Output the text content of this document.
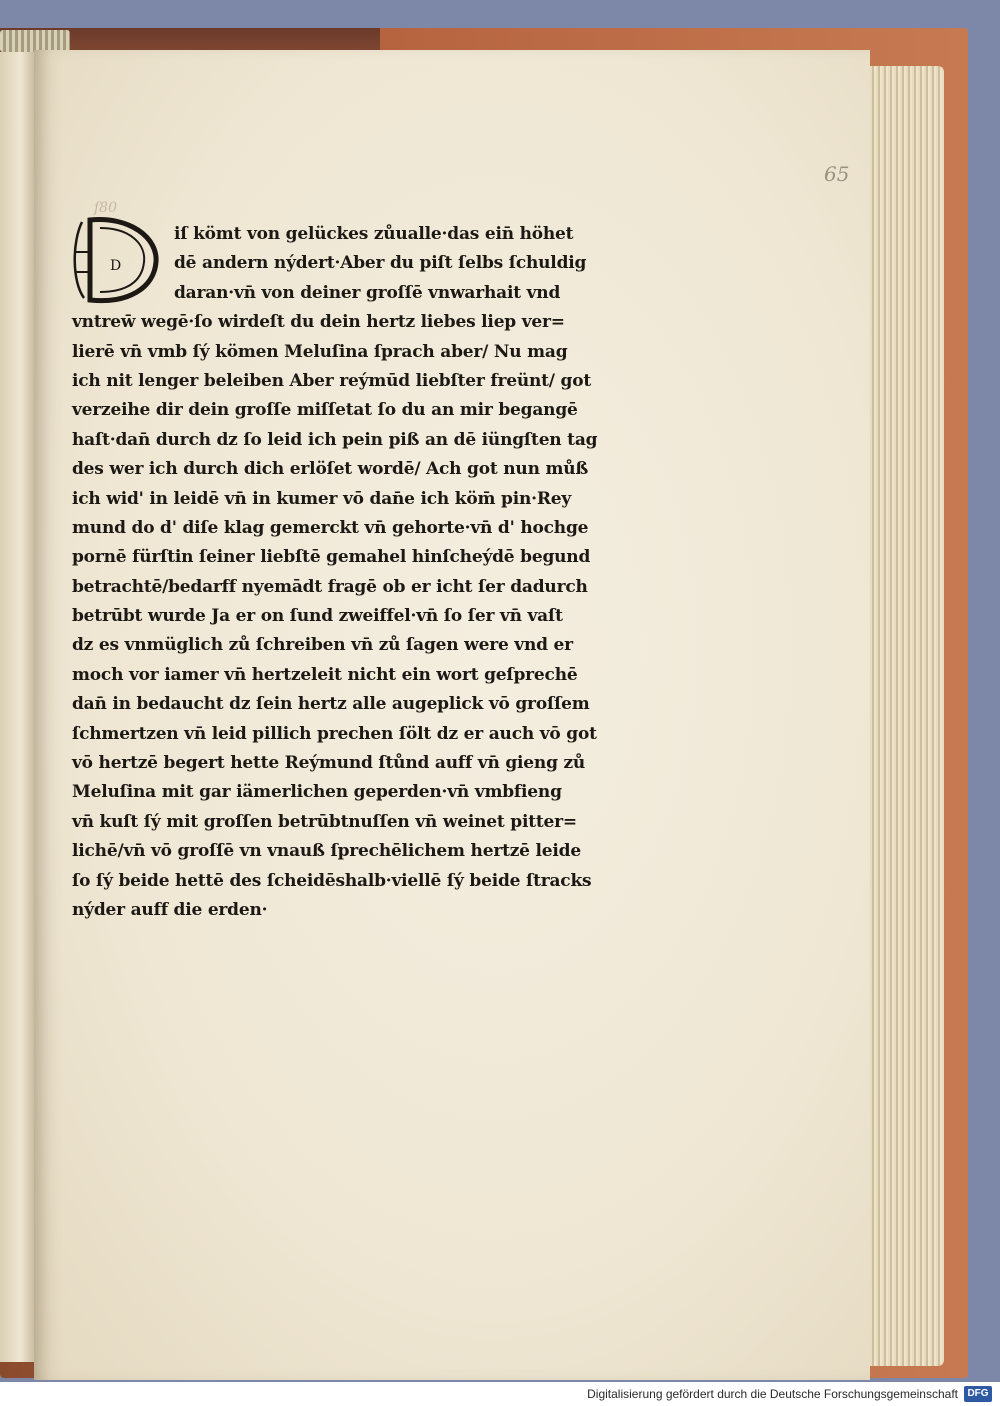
65
ſ80

D
iſ kömt von gelückes zůualle·das ein̄ höhet
dē andern nýdert·Aber du piſt ſelbs ſchuldig
daran·vn̄ von deiner groſſē vnwarhait vnd
vntrew̄ wegē·ſo wirdeſt du dein hertz liebes liep ver=
lierē vn̄ vmb ſý kömen Meluſina ſprach aber/ Nu mag
ich nit lenger beleiben Aber reýmūd liebſter freünt/ got
verzeihe dir dein groſſe miſſetat ſo du an mir begangē
haſt·dan̄ durch dz ſo leid ich pein piß an dē iüngſten tag
des wer ich durch dich erlöſet wordē/ Ach got nun můß
ich wid' in leidē vn̄ in kumer vō dan̄e ich köm̄ pin·Rey
mund do d' diſe klag gemerckt vn̄ gehorte·vn̄ d' hochge
pornē fürſtin ſeiner liebſtē gemahel hinſcheýdē begund
betrachtē/bedarff nyemādt fragē ob er icht ſer dadurch
betrūbt wurde Ja er on ſund zweiffel·vn̄ ſo ſer vn̄ vaſt
dz es vnmüglich zů ſchreiben vn̄ zů ſagen were vnd er
moch vor iamer vn̄ hertzeleit nicht ein wort geſprechē
dan̄ in bedaucht dz ſein hertz alle augeplick vō groſſem
ſchmertzen vn̄ leid pillich prechen ſölt dz er auch vō got
vō hertzē begert hette Reýmund ſtůnd auff vn̄ gieng zů
Meluſina mit gar iämerlichen geperden·vn̄ vmbfieng
vn̄ kuſt ſý mit groſſen betrūbtnuſſen vn̄ weinet pitter=
lichē/vn̄ vō groſſē vn vnauß ſprechēlichem hertzē leide
ſo ſý beide hettē des ſcheidēshalb·viellē ſý beide ſtracks
nýder auff die erden·
Digitalisierung gefördert durch die Deutsche Forschungsgemeinschaft DFG
